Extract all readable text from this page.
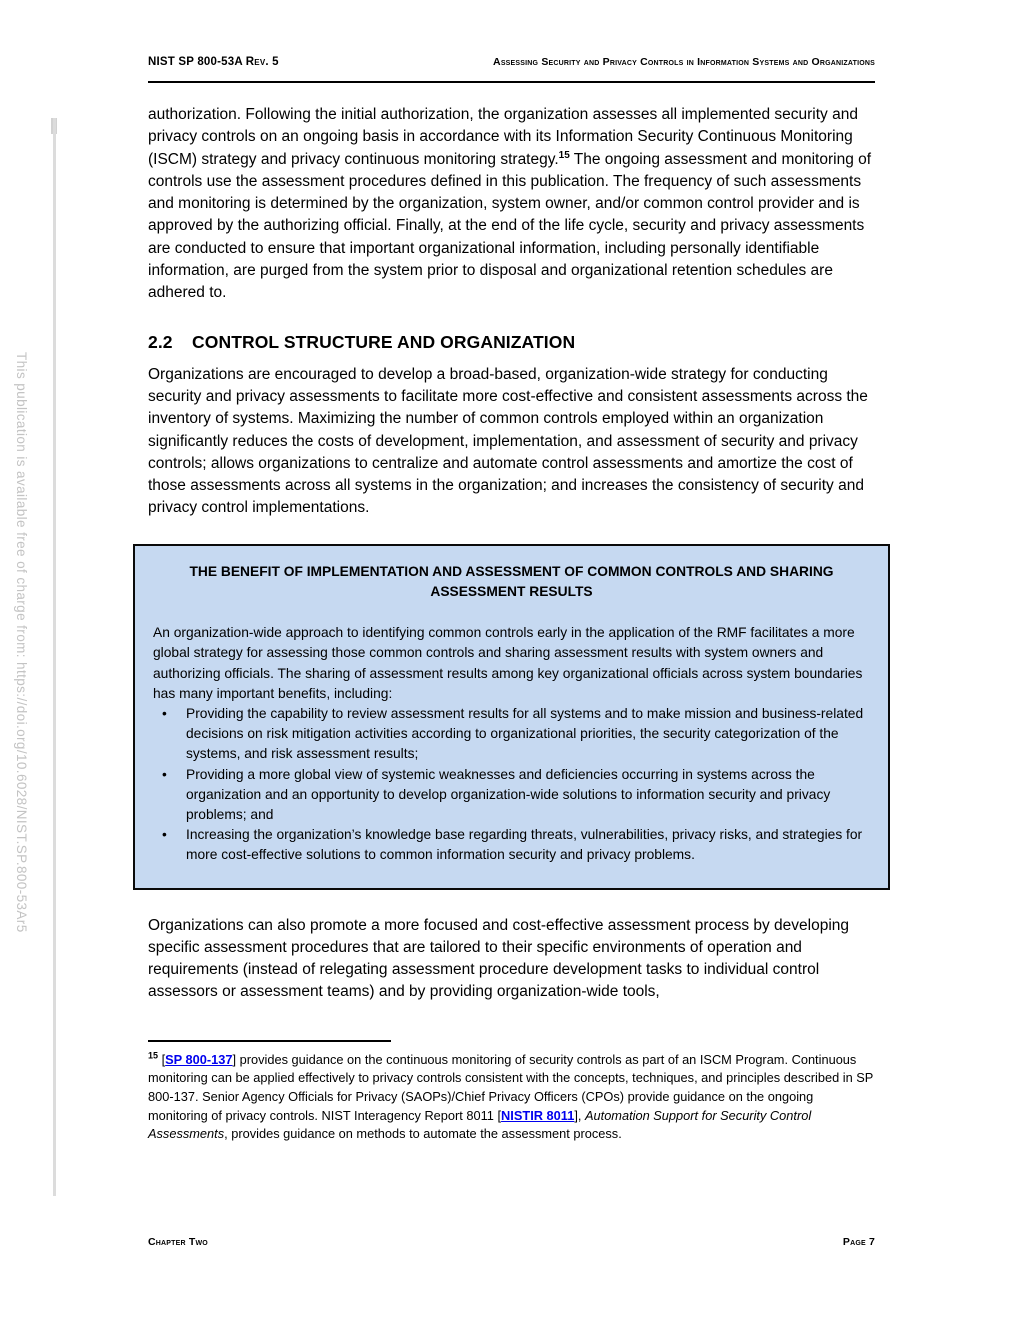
This publication is available free of charge from: https://doi.org/10.6028/NIST.SP.800-53Ar5
NIST SP 800-53A Rev. 5	Assessing Security and Privacy Controls in Information Systems and Organizations

authorization. Following the initial authorization, the organization assesses all implemented security and privacy controls on an ongoing basis in accordance with its Information Security Continuous Monitoring (ISCM) strategy and privacy continuous monitoring strategy.$^{15}$ The ongoing assessment and monitoring of controls use the assessment procedures defined in this publication. The frequency of such assessments and monitoring is determined by the organization, system owner, and/or common control provider and is approved by the authorizing official. Finally, at the end of the life cycle, security and privacy assessments are conducted to ensure that important organizational information, including personally identifiable information, are purged from the system prior to disposal and organizational retention schedules are adhered to.

2.2	CONTROL STRUCTURE AND ORGANIZATION

Organizations are encouraged to develop a broad-based, organization-wide strategy for conducting security and privacy assessments to facilitate more cost-effective and consistent assessments across the inventory of systems. Maximizing the number of common controls employed within an organization significantly reduces the costs of development, implementation, and assessment of security and privacy controls; allows organizations to centralize and automate control assessments and amortize the cost of those assessments across all systems in the organization; and increases the consistency of security and privacy control implementations.

THE BENEFIT OF IMPLEMENTATION AND ASSESSMENT OF COMMON CONTROLS AND SHARING ASSESSMENT RESULTS
An organization-wide approach to identifying common controls early in the application of the RMF facilitates a more global strategy for assessing those common controls and sharing assessment results with system owners and authorizing officials. The sharing of assessment results among key organizational officials across system boundaries has many important benefits, including:
• Providing the capability to review assessment results for all systems and to make mission and business-related decisions on risk mitigation activities according to organizational priorities, the security categorization of the systems, and risk assessment results;
• Providing a more global view of systemic weaknesses and deficiencies occurring in systems across the organization and an opportunity to develop organization-wide solutions to information security and privacy problems; and
• Increasing the organization’s knowledge base regarding threats, vulnerabilities, privacy risks, and strategies for more cost-effective solutions to common information security and privacy problems.

Organizations can also promote a more focused and cost-effective assessment process by developing specific assessment procedures that are tailored to their specific environments of operation and requirements (instead of relegating assessment procedure development tasks to individual control assessors or assessment teams) and by providing organization-wide tools,

$^{15}$ [SP 800-137] provides guidance on the continuous monitoring of security controls as part of an ISCM Program. Continuous monitoring can be applied effectively to privacy controls consistent with the concepts, techniques, and principles described in SP 800-137. Senior Agency Officials for Privacy (SAOPs)/Chief Privacy Officers (CPOs) provide guidance on the ongoing monitoring of privacy controls. NIST Interagency Report 8011 [NISTIR 8011], Automation Support for Security Control Assessments, provides guidance on methods to automate the assessment process.
Chapter Two	Page 7
